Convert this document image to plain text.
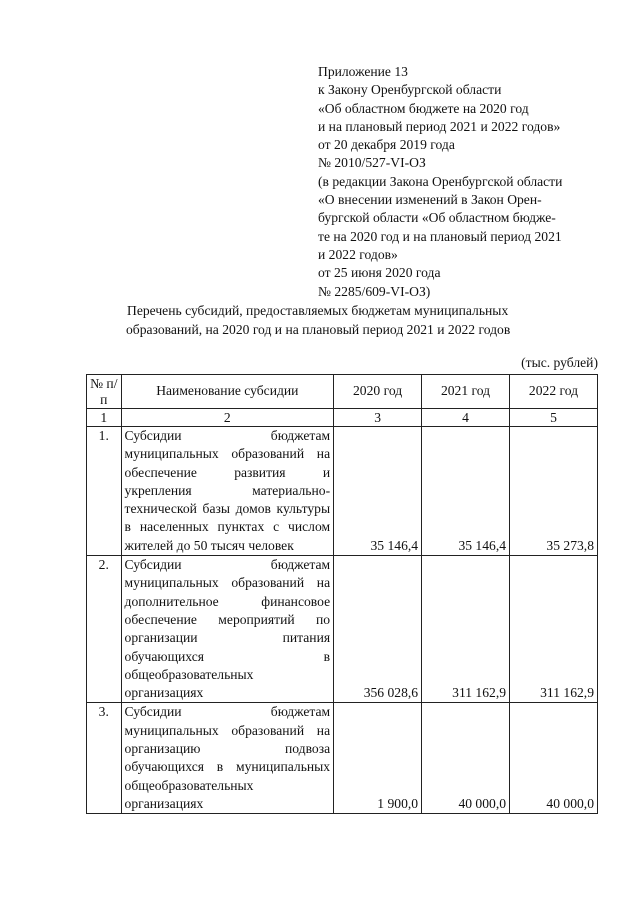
Приложение 13
к Закону Оренбургской области
«Об областном бюджете на 2020 год
и на плановый период 2021 и 2022 годов»
от 20 декабря 2019 года
№ 2010/527-VI-ОЗ
(в редакции Закона Оренбургской области
«О внесении изменений в Закон Орен-
бургской области «Об областном бюдже-
те на 2020 год и на плановый период 2021
и 2022 годов»
от 25 июня 2020 года
№ 2285/609-VI-ОЗ)
Перечень субсидий, предоставляемых бюджетам муниципальных
образований, на 2020 год и на плановый период 2021 и 2022 годов
(тыс. рублей)
№ п/п	Наименование субсидии	2020 год	2021 год	2022 год
1	2	3	4	5
1.	Субсидии бюджетам муниципальных образований на обеспечение развития и укрепления материально-технической базы домов культуры в населенных пунктах с числом жителей до 50 тысяч человек	35 146,4	35 146,4	35 273,8
2.	Субсидии бюджетам муниципальных образований на дополнительное финансовое обеспечение мероприятий по организации питания обучающихся в общеобразовательных организациях	356 028,6	311 162,9	311 162,9
3.	Субсидии бюджетам муниципальных образований на организацию подвоза обучающихся в муниципальных общеобразовательных организациях	1 900,0	40 000,0	40 000,0
